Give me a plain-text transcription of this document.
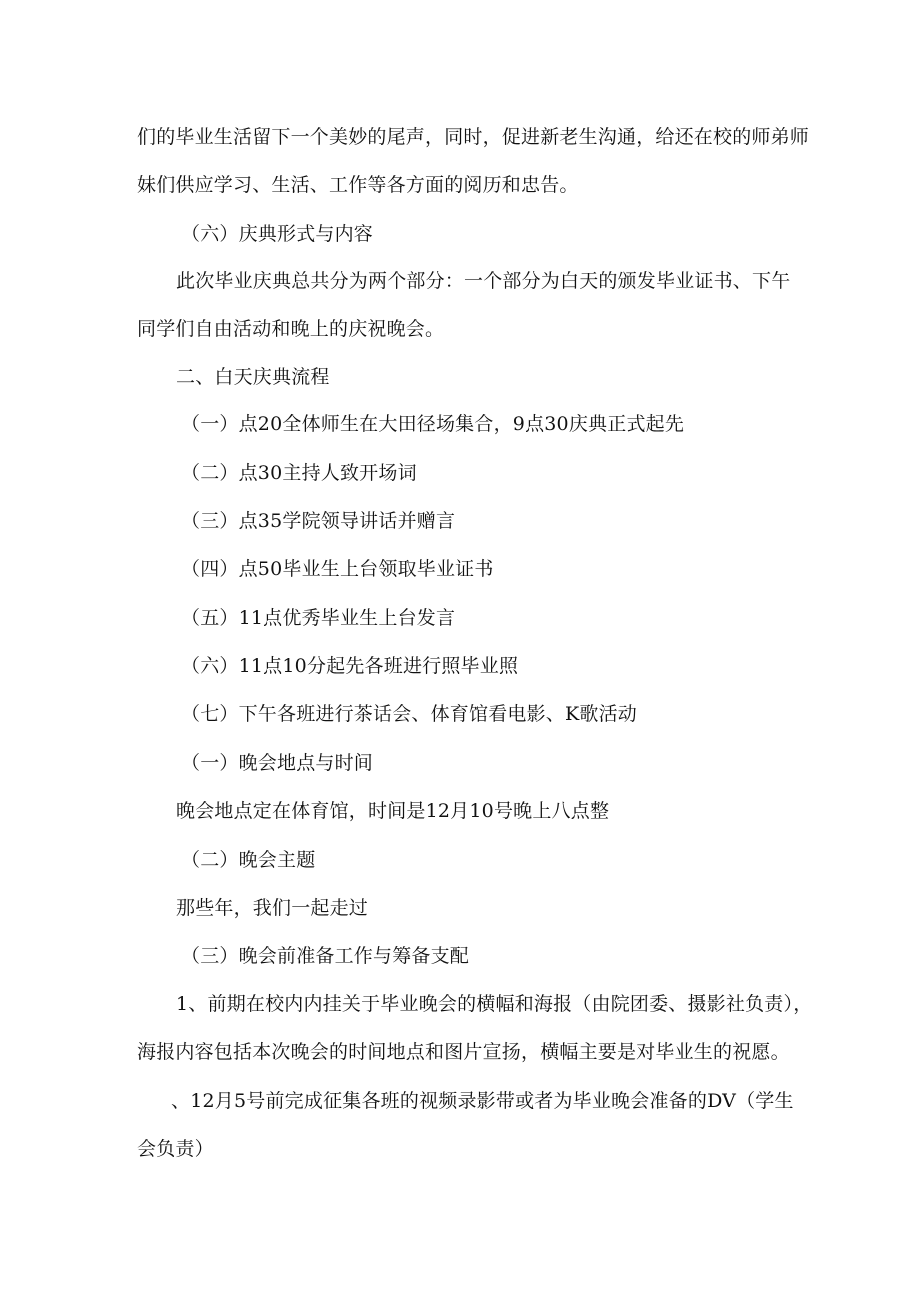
们的毕业生活留下一个美妙的尾声，同时，促进新老生沟通，给还在校的师弟师
妹们供应学习、生活、工作等各方面的阅历和忠告。
（六）庆典形式与内容
此次毕业庆典总共分为两个部分：一个部分为白天的颁发毕业证书、下午
同学们自由活动和晚上的庆祝晚会。
二、白天庆典流程
（一）点20全体师生在大田径场集合，9点30庆典正式起先
（二）点30主持人致开场词
（三）点35学院领导讲话并赠言
（四）点50毕业生上台领取毕业证书
（五）11点优秀毕业生上台发言
（六）11点10分起先各班进行照毕业照
（七）下午各班进行茶话会、体育馆看电影、K歌活动
（一）晚会地点与时间
晚会地点定在体育馆，时间是12月10号晚上八点整
（二）晚会主题
那些年，我们一起走过
（三）晚会前准备工作与筹备支配
1、前期在校内内挂关于毕业晚会的横幅和海报（由院团委、摄影社负责），
海报内容包括本次晚会的时间地点和图片宣扬，横幅主要是对毕业生的祝愿。
、12月5号前完成征集各班的视频录影带或者为毕业晚会准备的DV（学生
会负责）
